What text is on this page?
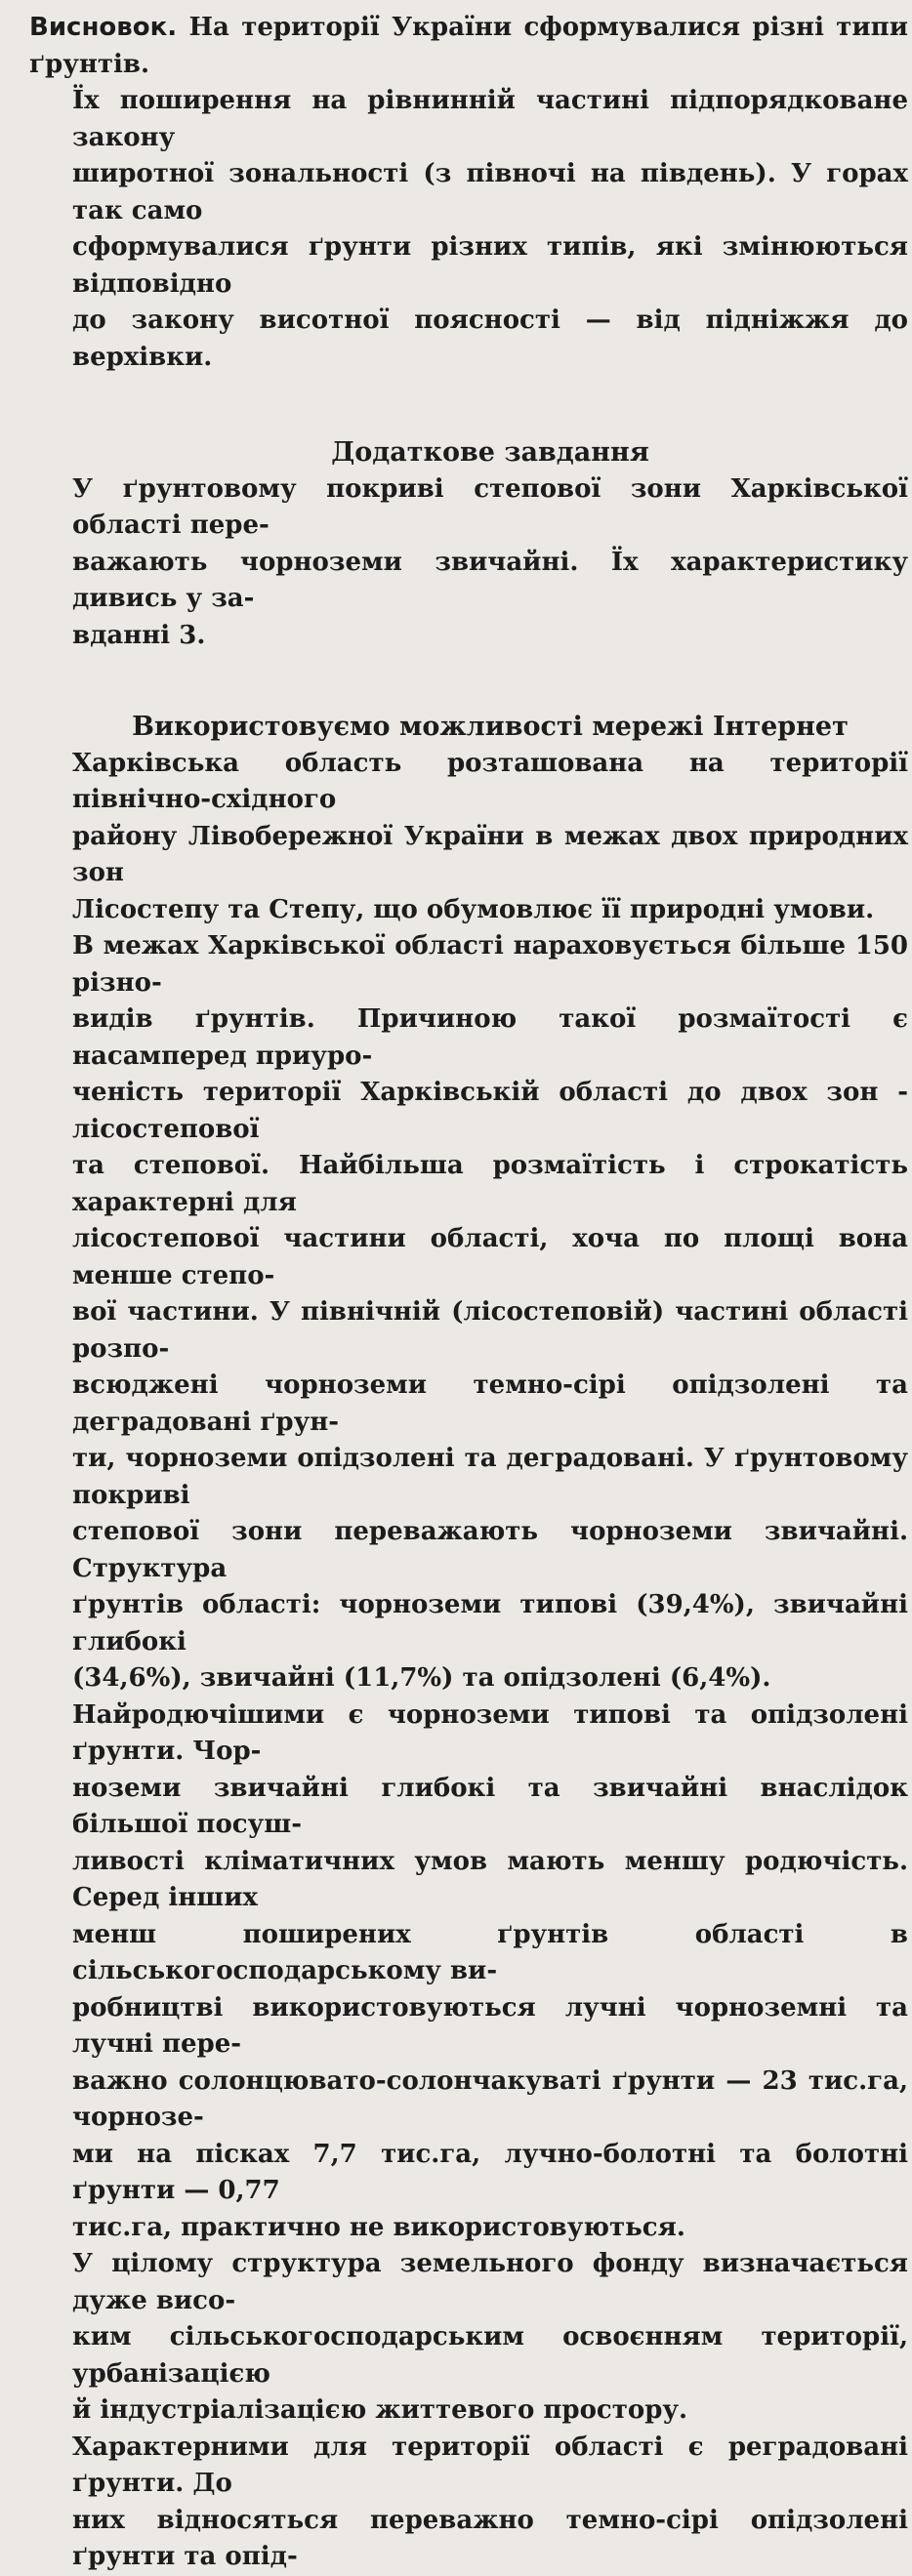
Висновок. На території України сформувалися різні типи ґрунтів.

Їх поширення на рівнинній частині підпорядковане закону

широтної зональності (з півночі на південь). У горах так само

сформувалися ґрунти різних типів, які змінюються відповідно

до закону висотної поясності — від підніжжя до верхівки.

Додаткове завдання

У ґрунтовому покриві степової зони Харківської області пере-

важають чорноземи звичайні. Їх характеристику дивись у за-

вданні 3.

Використовуємо можливості мережі Інтернет

Харківська область розташована на території північно-східного

району Лівобережної України в межах двох природних зон

Лісостепу та Степу, що обумовлює її природні умови.

В межах Харківської області нараховується більше 150 різно-

видів ґрунтів. Причиною такої розмаїтості є насамперед приуро-

ченість території Харківській області до двох зон - лісостепової

та степової. Найбільша розмаїтість і строкатість характерні для

лісостепової частини області, хоча по площі вона менше степо-

вої частини. У північній (лісостеповій) частині області розпо-

всюджені чорноземи темно-сірі опідзолені та деградовані ґрун-

ти, чорноземи опідзолені та деградовані. У ґрунтовому покриві

степової зони переважають чорноземи звичайні. Структура

ґрунтів області: чорноземи типові (39,4%), звичайні глибокі

(34,6%), звичайні (11,7%) та опідзолені (6,4%).

Найродючішими є чорноземи типові та опідзолені ґрунти. Чор-

ноземи звичайні глибокі та звичайні внаслідок більшої посуш-

ливості кліматичних умов мають меншу родючість. Серед інших

менш поширених ґрунтів області в сільськогосподарському ви-

робництві використовуються лучні чорноземні та лучні пере-

важно солонцювато-солончакуваті ґрунти — 23 тис.га, чорнозе-

ми на пісках 7,7 тис.га, лучно-болотні та болотні ґрунти — 0,77

тис.га, практично не використовуються.

У цілому структура земельного фонду визначається дуже висо-

ким сільськогосподарським освоєнням території, урбанізацією

й індустріалізацією життевого простору.

Характерними для території області є реградовані ґрунти. До

них відносяться переважно темно-сірі опідзолені ґрунти та опід-
